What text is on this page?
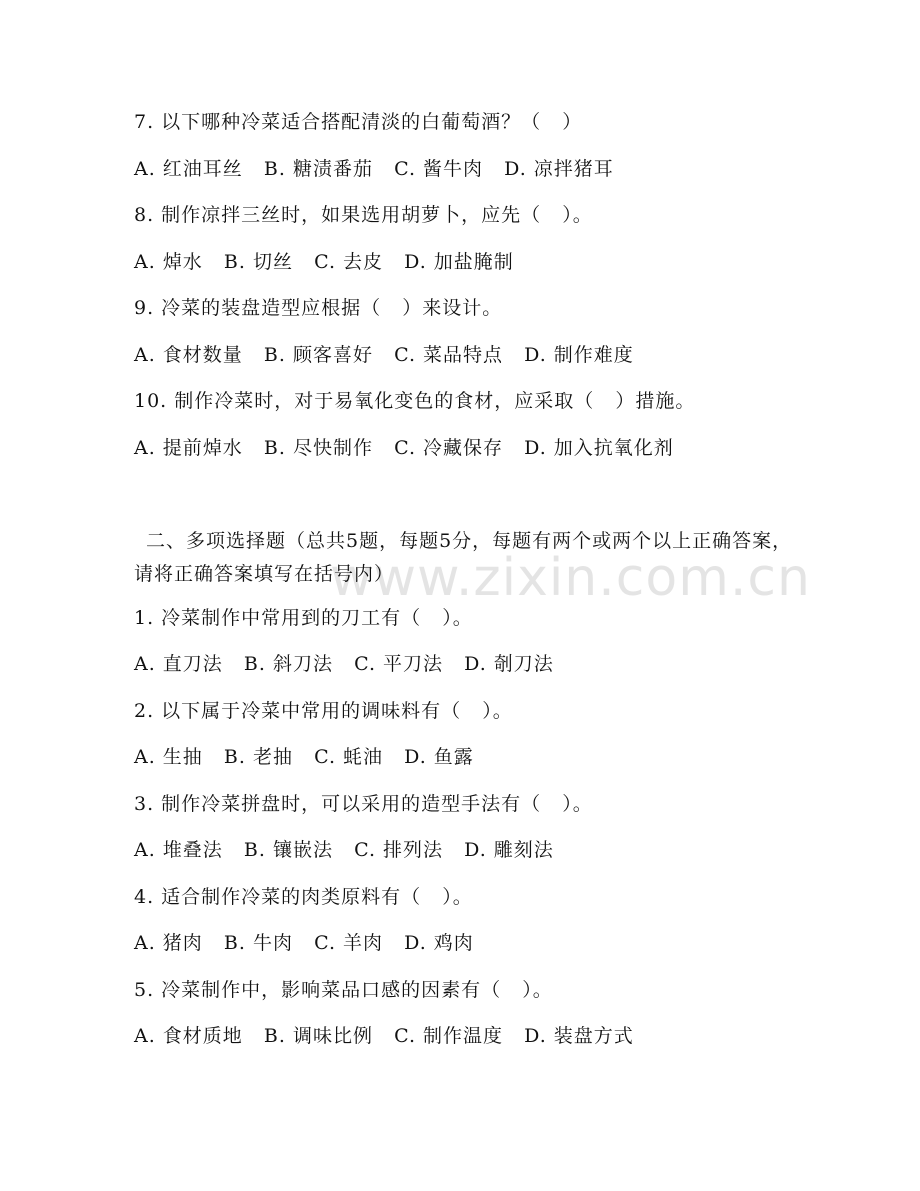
www.zixin.com.cn
7. 以下哪种冷菜适合搭配清淡的白葡萄酒？（   ）
A. 红油耳丝   B. 糖渍番茄   C. 酱牛肉   D. 凉拌猪耳
8. 制作凉拌三丝时，如果选用胡萝卜，应先（   ）。
A. 焯水   B. 切丝   C. 去皮   D. 加盐腌制
9. 冷菜的装盘造型应根据（   ）来设计。
A. 食材数量   B. 顾客喜好   C. 菜品特点   D. 制作难度
10. 制作冷菜时，对于易氧化变色的食材，应采取（   ）措施。
A. 提前焯水   B. 尽快制作   C. 冷藏保存   D. 加入抗氧化剂
二、多项选择题（总共5题，每题5分，每题有两个或两个以上正确答案，请将正确答案填写在括号内）
1. 冷菜制作中常用到的刀工有（   ）。
A. 直刀法   B. 斜刀法   C. 平刀法   D. 剞刀法
2. 以下属于冷菜中常用的调味料有（   ）。
A. 生抽   B. 老抽   C. 蚝油   D. 鱼露
3. 制作冷菜拼盘时，可以采用的造型手法有（   ）。
A. 堆叠法   B. 镶嵌法   C. 排列法   D. 雕刻法
4. 适合制作冷菜的肉类原料有（   ）。
A. 猪肉   B. 牛肉   C. 羊肉   D. 鸡肉
5. 冷菜制作中，影响菜品口感的因素有（   ）。
A. 食材质地   B. 调味比例   C. 制作温度   D. 装盘方式
